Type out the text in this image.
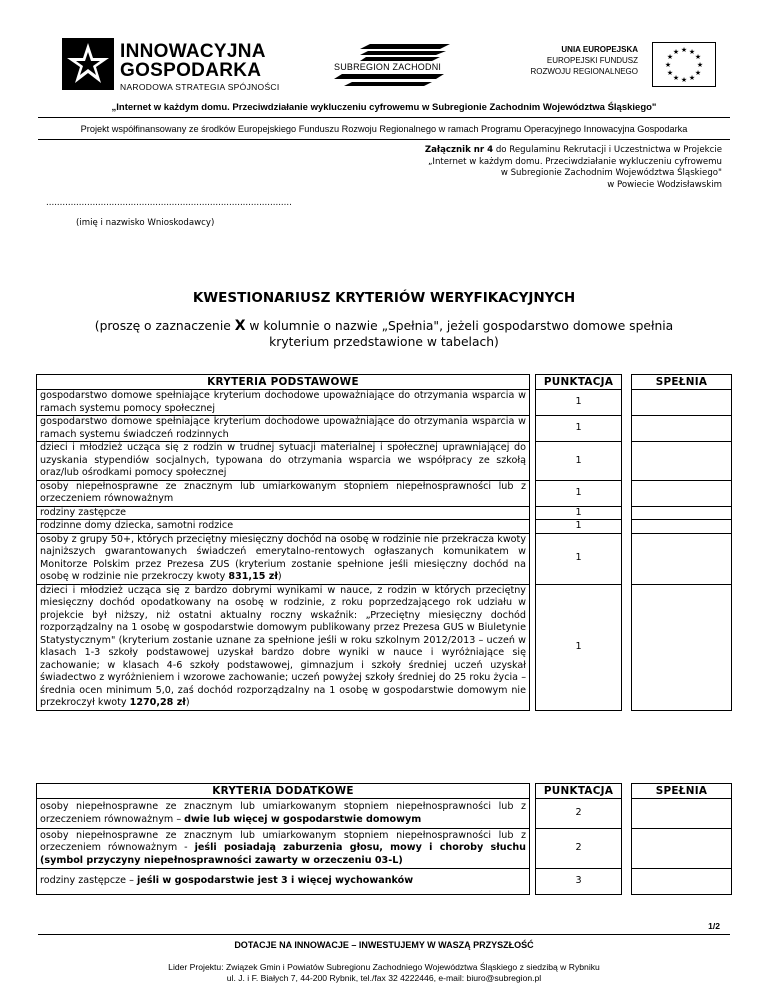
INNOWACYJNA
GOSPODARKA
NARODOWA STRATEGIA SPÓJNOŚCI
SUBREGION ZACHODNI
UNIA EUROPEJSKA
EUROPEJSKI FUNDUSZ
ROZWOJU REGIONALNEGO
★ ★
★
★
★
★
★
★
★
★
★
★
„Internet w każdym domu. Przeciwdziałanie wykluczeniu cyfrowemu w Subregionie Zachodnim Województwa Śląskiego"
Projekt współfinansowany ze środków Europejskiego Funduszu Rozwoju Regionalnego w ramach Programu Operacyjnego Innowacyjna Gospodarka
Załącznik nr 4 do Regulaminu Rekrutacji i Uczestnictwa w Projekcie
„Internet w każdym domu. Przeciwdziałanie wykluczeniu cyfrowemu
w Subregionie Zachodnim Województwa Śląskiego"
w Powiecie Wodzisławskim
..........................................................................................
(imię i nazwisko Wnioskodawcy)
KWESTIONARIUSZ KRYTERIÓW WERYFIKACYJNYCH
(proszę o zaznaczenie X w kolumnie o nazwie „Spełnia", jeżeli gospodarstwo domowe spełnia kryterium przedstawione w tabelach)
KRYTERIA PODSTAWOWE		PUNKTACJA		SPEŁNIA
gospodarstwo domowe spełniające kryterium dochodowe upoważniające do otrzymania wsparcia w ramach systemu pomocy społecznej		1		
gospodarstwo domowe spełniające kryterium dochodowe upoważniające do otrzymania wsparcia w ramach systemu świadczeń rodzinnych		1		
dzieci i młodzież ucząca się z rodzin w trudnej sytuacji materialnej i społecznej uprawniającej do uzyskania stypendiów socjalnych, typowana do otrzymania wsparcia we współpracy ze szkołą oraz/lub ośrodkami pomocy społecznej		1		
osoby niepełnosprawne ze znacznym lub umiarkowanym stopniem niepełnosprawności lub z orzeczeniem równoważnym		1		
rodziny zastępcze		1		
rodzinne domy dziecka, samotni rodzice		1		
osoby z grupy 50+, których przeciętny miesięczny dochód na osobę w rodzinie nie przekracza kwoty najniższych gwarantowanych świadczeń emerytalno-rentowych ogłaszanych komunikatem w Monitorze Polskim przez Prezesa ZUS (kryterium zostanie spełnione jeśli miesięczny dochód na osobę w rodzinie nie przekroczy kwoty 831,15 zł)		1		
dzieci i młodzież ucząca się z bardzo dobrymi wynikami w nauce, z rodzin w których przeciętny miesięczny dochód opodatkowany na osobę w rodzinie, z roku poprzedzającego rok udziału w projekcie był niższy, niż ostatni aktualny roczny wskaźnik: „Przeciętny miesięczny dochód rozporządzalny na 1 osobę w gospodarstwie domowym publikowany przez Prezesa GUS w Biuletynie Statystycznym" (kryterium zostanie uznane za spełnione jeśli w roku szkolnym 2012/2013 – uczeń w klasach 1-3 szkoły podstawowej uzyskał bardzo dobre wyniki w nauce i wyróżniające się zachowanie; w klasach 4-6 szkoły podstawowej, gimnazjum i szkoły średniej uczeń uzyskał świadectwo z wyróżnieniem i wzorowe zachowanie; uczeń powyżej szkoły średniej do 25 roku życia – średnia ocen minimum 5,0, zaś dochód rozporządzalny na 1 osobę w gospodarstwie domowym nie przekroczył kwoty 1270,28 zł)		1		
KRYTERIA DODATKOWE		PUNKTACJA		SPEŁNIA
osoby niepełnosprawne ze znacznym lub umiarkowanym stopniem niepełnosprawności lub z orzeczeniem równoważnym – dwie lub więcej w gospodarstwie domowym		2		
osoby niepełnosprawne ze znacznym lub umiarkowanym stopniem niepełnosprawności lub z orzeczeniem równoważnym - jeśli posiadają zaburzenia głosu, mowy i choroby słuchu (symbol przyczyny niepełnosprawności zawarty w orzeczeniu 03-L)		2		
rodziny zastępcze – jeśli w gospodarstwie jest 3 i więcej wychowanków		3		
1/2
DOTACJE NA INNOWACJE – INWESTUJEMY W WASZĄ PRZYSZŁOŚĆ
Lider Projektu: Związek Gmin i Powiatów Subregionu Zachodniego Województwa Śląskiego z siedzibą w Rybniku
ul. J. i F. Białych 7, 44-200 Rybnik, tel./fax 32 4222446, e-mail: biuro@subregion.pl
